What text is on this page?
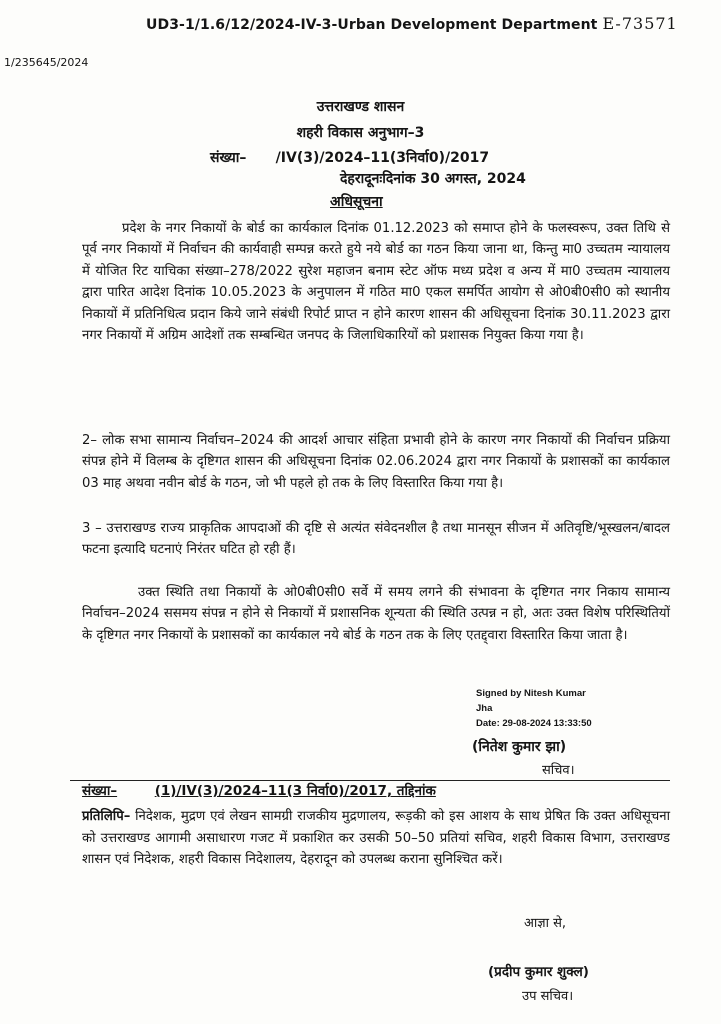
UD3-1/1.6/12/2024-IV-3-Urban Development Department E-73571
1/235645/2024
उत्तराखण्ड शासन
शहरी विकास अनुभाग–3
संख्या– /IV(3)/2024–11(3निर्वा0)/2017
देहरादूनःदिनांक 30 अगस्त, 2024
अधिसूचना
प्रदेश के नगर निकायों के बोर्ड का कार्यकाल दिनांक 01.12.2023 को समाप्त होने के फलस्वरूप, उक्त तिथि से पूर्व नगर निकायों में निर्वाचन की कार्यवाही सम्पन्न करते हुये नये बोर्ड का गठन किया जाना था, किन्तु मा0 उच्चतम न्यायालय में योजित रिट याचिका संख्या–278/2022 सुरेश महाजन बनाम स्टेट ऑफ मध्य प्रदेश व अन्य में मा0 उच्चतम न्यायालय द्वारा पारित आदेश दिनांक 10.05.2023 के अनुपालन में गठित मा0 एकल समर्पित आयोग से ओ0बी0सी0 को स्थानीय निकायों में प्रतिनिधित्व प्रदान किये जाने संबंधी रिपोर्ट प्राप्त न होने कारण शासन की अधिसूचना दिनांक 30.11.2023 द्वारा नगर निकायों में अग्रिम आदेशों तक सम्बन्धित जनपद के जिलाधिकारियों को प्रशासक नियुक्त किया गया है।
2– लोक सभा सामान्य निर्वाचन–2024 की आदर्श आचार संहिता प्रभावी होने के कारण नगर निकायों की निर्वाचन प्रक्रिया संपन्न होने में विलम्ब के दृष्टिगत शासन की अधिसूचना दिनांक 02.06.2024 द्वारा नगर निकायों के प्रशासकों का कार्यकाल 03 माह अथवा नवीन बोर्ड के गठन, जो भी पहले हो तक के लिए विस्तारित किया गया है।
3 – उत्तराखण्ड राज्य प्राकृतिक आपदाओं की दृष्टि से अत्यंत संवेदनशील है तथा मानसून सीजन में अतिवृष्टि/भूस्खलन/बादल फटना इत्यादि घटनाएं निरंतर घटित हो रही हैं।
उक्त स्थिति तथा निकायों के ओ0बी0सी0 सर्वे में समय लगने की संभावना के दृष्टिगत नगर निकाय सामान्य निर्वाचन–2024 ससमय संपन्न न होने से निकायों में प्रशासनिक शून्यता की स्थिति उत्पन्न न हो, अतः उक्त विशेष परिस्थितियों के दृष्टिगत नगर निकायों के प्रशासकों का कार्यकाल नये बोर्ड के गठन तक के लिए एतद्द्वारा विस्तारित किया जाता है।
Signed by Nitesh Kumar
Jha
Date: 29-08-2024 13:33:50
(नितेश कुमार झा)
सचिव।
संख्या–	(1)/IV(3)/2024–11(3 निर्वा0)/2017, तद्दिनांक
प्रतिलिपि– निदेशक, मुद्रण एवं लेखन सामग्री राजकीय मुद्रणालय, रूड़की को इस आशय के साथ प्रेषित कि उक्त अधिसूचना को उत्तराखण्ड आगामी असाधारण गजट में प्रकाशित कर उसकी 50–50 प्रतियां सचिव, शहरी विकास विभाग, उत्तराखण्ड शासन एवं निदेशक, शहरी विकास निदेशालय, देहरादून को उपलब्ध कराना सुनिश्चित करें।
आज्ञा से,
(प्रदीप कुमार शुक्ल)
उप सचिव।
